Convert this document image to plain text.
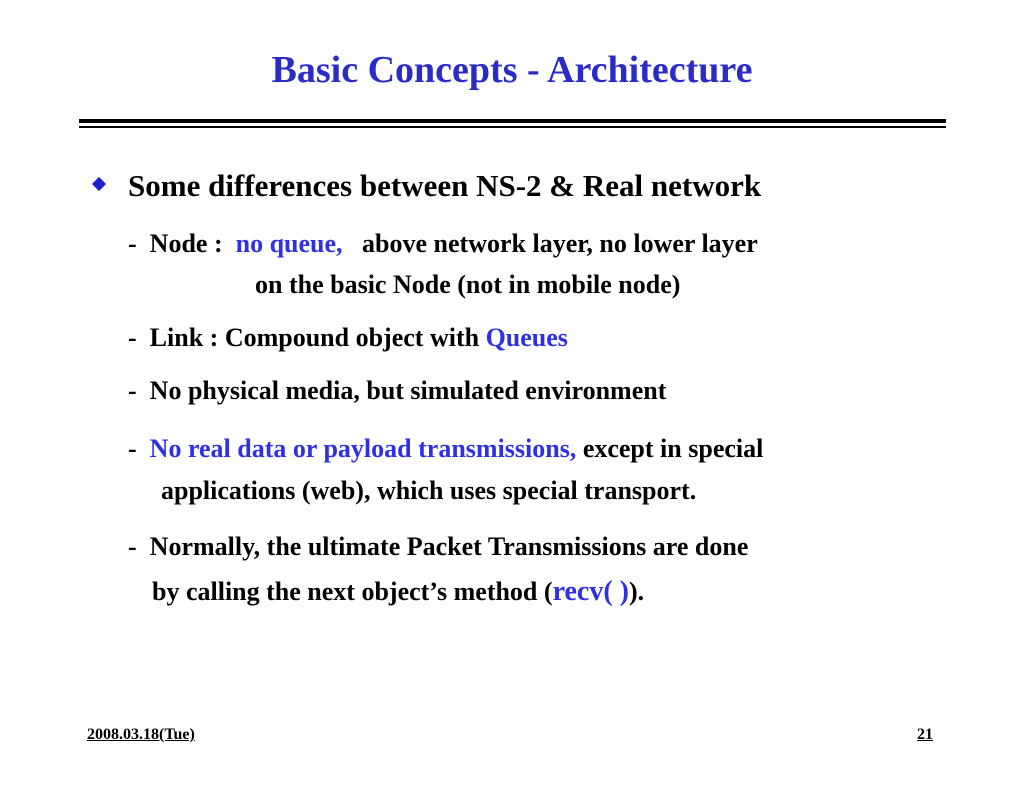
Basic Concepts - Architecture
Some differences between NS-2 & Real network
- Node : no queue, above network layer, no lower layer
on the basic Node (not in mobile node)
- Link : Compound object with Queues
- No physical media, but simulated environment
- No real data or payload transmissions, except in special
applications (web), which uses special transport.
- Normally, the ultimate Packet Transmissions are done
by calling the next object’s method (recv( )).
2008.03.18(Tue)	21
